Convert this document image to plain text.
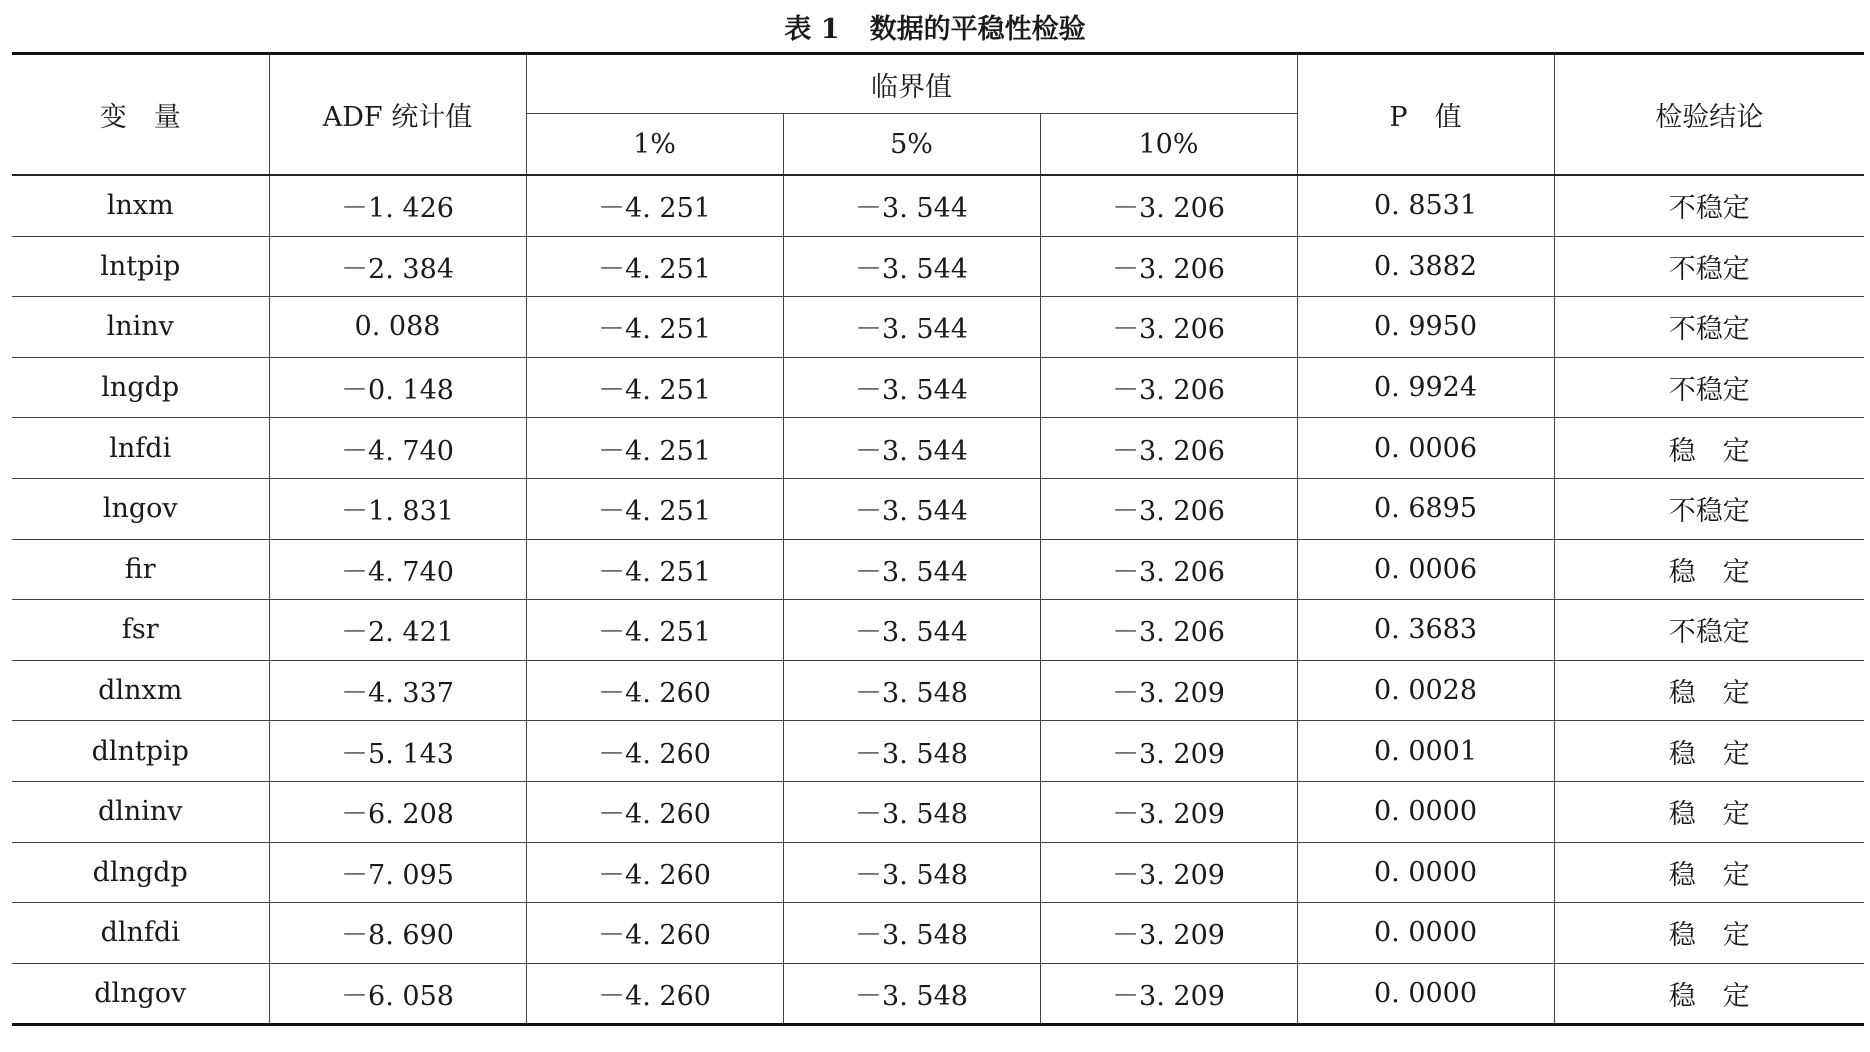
表 1 数据的平稳性检验
变　量	ADF 统计值	临界值			P　值	检验结论
		1%	5%	10%		
lnxm	－1. 426	－4. 251	－3. 544	－3. 206	0. 8531	不稳定
lntpip	－2. 384	－4. 251	－3. 544	－3. 206	0. 3882	不稳定
lninv	0. 088	－4. 251	－3. 544	－3. 206	0. 9950	不稳定
lngdp	－0. 148	－4. 251	－3. 544	－3. 206	0. 9924	不稳定
lnfdi	－4. 740	－4. 251	－3. 544	－3. 206	0. 0006	稳　定
lngov	－1. 831	－4. 251	－3. 544	－3. 206	0. 6895	不稳定
fir	－4. 740	－4. 251	－3. 544	－3. 206	0. 0006	稳　定
fsr	－2. 421	－4. 251	－3. 544	－3. 206	0. 3683	不稳定
dlnxm	－4. 337	－4. 260	－3. 548	－3. 209	0. 0028	稳　定
dlntpip	－5. 143	－4. 260	－3. 548	－3. 209	0. 0001	稳　定
dlninv	－6. 208	－4. 260	－3. 548	－3. 209	0. 0000	稳　定
dlngdp	－7. 095	－4. 260	－3. 548	－3. 209	0. 0000	稳　定
dlnfdi	－8. 690	－4. 260	－3. 548	－3. 209	0. 0000	稳　定
dlngov	－6. 058	－4. 260	－3. 548	－3. 209	0. 0000	稳　定
